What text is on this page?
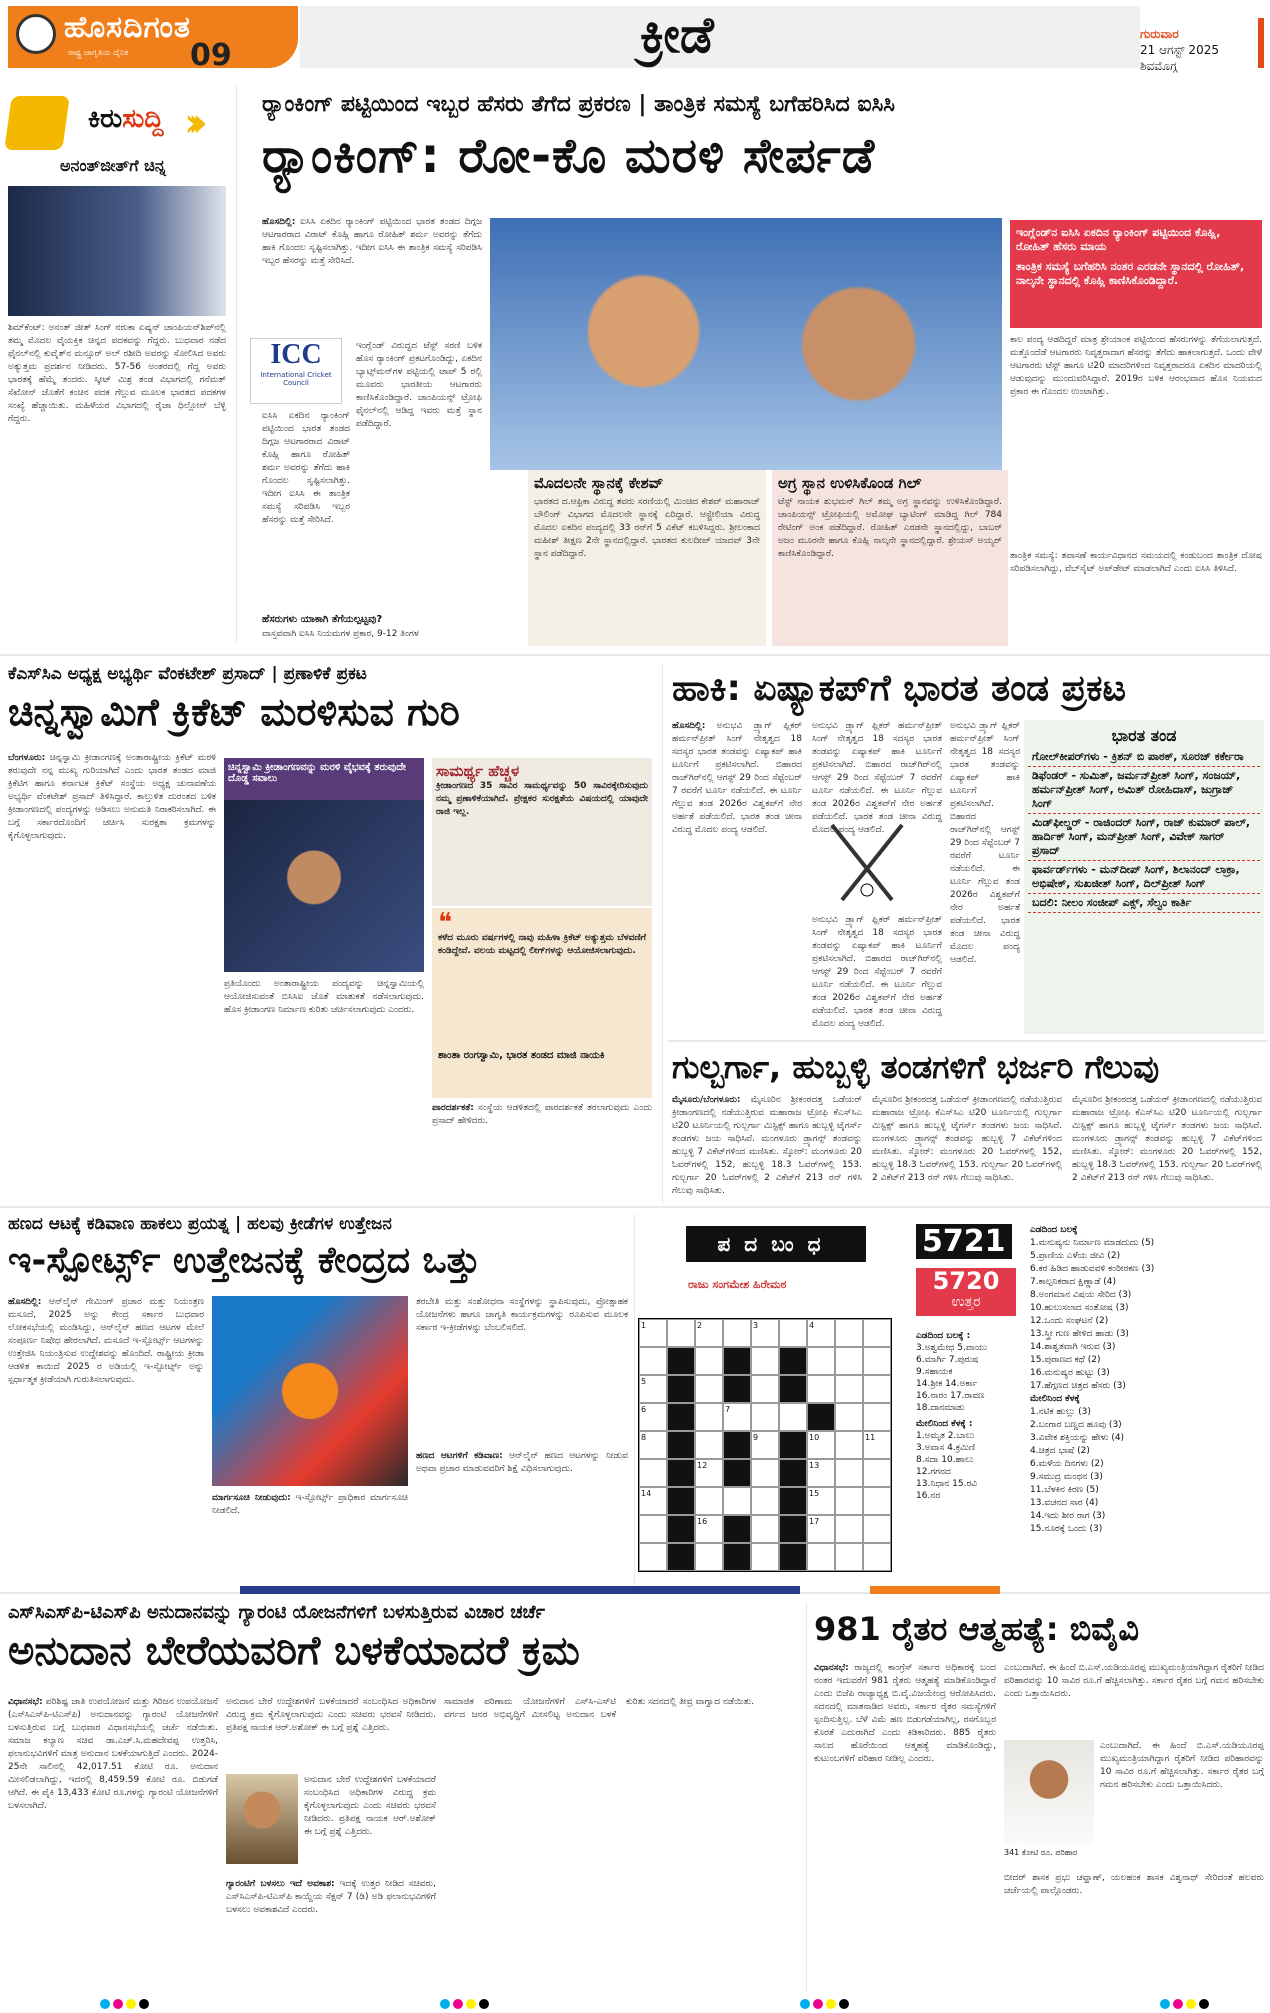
ಹೊಸದಿಗಂತ
ರಾಷ್ಟ್ರ ಜಾಗೃತಿಯ ದೈನಿಕ 09	ಕ್ರೀಡೆ	ಗುರುವಾರ
21 ಆಗಸ್ಟ್ 2025
ಶಿವಮೊಗ್ಗ
ಕಿರುಸುದ್ದಿ ›››
ಅನಂತ್‌ಜೀತ್‌ಗೆ ಚಿನ್ನ
ಶಿಮ್‌ಕೆಂಟ್: ಅನಂತ್ ಜೀತ್ ಸಿಂಗ್ ನರುಕಾ ಏಷ್ಯನ್ ಚಾಂಪಿಯನ್‌ಶಿಪ್‌ನಲ್ಲಿ ತಮ್ಮ ಮೊದಲ ವೈಯಕ್ತಿಕ ಚಿನ್ನದ ಪದಕವನ್ನು ಗೆದ್ದರು. ಬುಧವಾರ ನಡೆದ ಫೈನಲ್‌ನಲ್ಲಿ ಕುವೈತ್‌ನ ಮನ್ಸೂರ್ ಅಲ್ ರಶೀದಿ ಅವರನ್ನು ಸೋಲಿಸಿದ ಅವರು ಅತ್ಯುತ್ತಮ ಪ್ರದರ್ಶನ ನೀಡಿದರು. 57-56 ಅಂತರದಲ್ಲಿ ಗೆದ್ದ ಅವರು ಭಾರತಕ್ಕೆ ಹೆಮ್ಮೆ ತಂದರು. ಸ್ಕೀಟ್ ಮಿಶ್ರ ತಂಡ ವಿಭಾಗದಲ್ಲಿ ಗನೆಮತ್ ಸೆಖೋನ್ ಜೊತೆಗೆ ಕಂಚಿನ ಪದಕ ಗೆಲ್ಲುವ ಮೂಲಕ ಭಾರತದ ಪದಕಗಳ ಸಂಖ್ಯೆ ಹೆಚ್ಚಾಯಿತು. ಮಹಿಳೆಯರ ವಿಭಾಗದಲ್ಲಿ ರೈಜಾ ಧಿಲ್ಲೋನ್ ಬೆಳ್ಳಿ ಗೆದ್ದರು.
ರ‍್ಯಾಂಕಿಂಗ್ ಪಟ್ಟಿಯಿಂದ ಇಬ್ಬರ ಹೆಸರು ತೆಗೆದ ಪ್ರಕರಣ | ತಾಂತ್ರಿಕ ಸಮಸ್ಯೆ ಬಗೆಹರಿಸಿದ ಐಸಿಸಿ
ರ‍್ಯಾಂಕಿಂಗ್: ರೋ-ಕೊ ಮರಳಿ ಸೇರ್ಪಡೆ
ಹೊಸದಿಲ್ಲಿ: ಐಸಿಸಿ ಏಕದಿನ ರ‍್ಯಾಂಕಿಂಗ್ ಪಟ್ಟಿಯಿಂದ ಭಾರತ ತಂಡದ ದಿಗ್ಗಜ ಆಟಗಾರರಾದ ವಿರಾಟ್ ಕೊಹ್ಲಿ ಹಾಗೂ ರೋಹಿತ್ ಶರ್ಮ ಅವರನ್ನು ತೆಗೆದು ಹಾಕಿ ಗೊಂದಲ ಸೃಷ್ಟಿಸಲಾಗಿತ್ತು. ಇದೀಗ ಐಸಿಸಿ ಈ ತಾಂತ್ರಿಕ ಸಮಸ್ಯೆ ಸರಿಪಡಿಸಿ ಇಬ್ಬರ ಹೆಸರನ್ನು ಮತ್ತೆ ಸೇರಿಸಿದೆ.
ICC
International Cricket Council
ಇಂಗ್ಲೆಂಡ್ ವಿರುದ್ಧದ ಟೆಸ್ಟ್ ಸರಣಿ ಬಳಿಕ ಹೊಸ ರ‍್ಯಾಂಕಿಂಗ್ ಪ್ರಕಟಗೊಂಡಿದ್ದು, ಏಕದಿನ ಬ್ಯಾಟ್ಸ್‌ಮನ್‌ಗಳ ಪಟ್ಟಿಯಲ್ಲಿ ಟಾಪ್ 5 ರಲ್ಲಿ ಮೂವರು ಭಾರತೀಯ ಆಟಗಾರರು ಕಾಣಿಸಿಕೊಂಡಿದ್ದಾರೆ. ಚಾಂಪಿಯನ್ಸ್ ಟ್ರೋಫಿ ಫೈನಲ್‌ನಲ್ಲಿ ಆಡಿದ್ದ ಇವರು ಮತ್ತೆ ಸ್ಥಾನ ಪಡೆದಿದ್ದಾರೆ.
ಐಸಿಸಿ ಏಕದಿನ ರ‍್ಯಾಂಕಿಂಗ್ ಪಟ್ಟಿಯಿಂದ ಭಾರತ ತಂಡದ ದಿಗ್ಗಜ ಆಟಗಾರರಾದ ವಿರಾಟ್ ಕೊಹ್ಲಿ ಹಾಗೂ ರೋಹಿತ್ ಶರ್ಮ ಅವರನ್ನು ತೆಗೆದು ಹಾಕಿ ಗೊಂದಲ ಸೃಷ್ಟಿಸಲಾಗಿತ್ತು. ಇದೀಗ ಐಸಿಸಿ ಈ ತಾಂತ್ರಿಕ ಸಮಸ್ಯೆ ಸರಿಪಡಿಸಿ ಇಬ್ಬರ ಹೆಸರನ್ನು ಮತ್ತೆ ಸೇರಿಸಿದೆ.
ಹೆಸರುಗಳು ಯಾಕಾಗಿ ತೆಗೆಯಲ್ಪಟ್ಟವು?
ವಾಸ್ತವವಾಗಿ ಐಸಿಸಿ ನಿಯಮಗಳ ಪ್ರಕಾರ, 9-12 ತಿಂಗಳ
ಮೊದಲನೇ ಸ್ಥಾನಕ್ಕೆ ಕೇಶವ್
ಭಾರತದ ದ.ಆಫ್ರಿಕಾ ವಿರುದ್ಧ ತವರು ಸರಣಿಯಲ್ಲಿ ಮಿಂಚಿದ ಕೇಶವ್ ಮಹಾರಾಜ್ ಬೌಲಿಂಗ್ ವಿಭಾಗದ ಮೊದಲನೇ ಸ್ಥಾನಕ್ಕೆ ಏರಿದ್ದಾರೆ. ಆಸ್ಟ್ರೇಲಿಯಾ ವಿರುದ್ಧ ಮೊದಲ ಏಕದಿನ ಪಂದ್ಯದಲ್ಲಿ 33 ರನ್‌ಗೆ 5 ವಿಕೆಟ್ ಕಬಳಿಸಿದ್ದರು. ಶ್ರೀಲಂಕಾದ ಮಹೀಶ್ ತೀಕ್ಷಣ 2ನೇ ಸ್ಥಾನದಲ್ಲಿದ್ದಾರೆ. ಭಾರತದ ಕುಲದೀಪ್ ಯಾದವ್ 3ನೇ ಸ್ಥಾನ ಪಡೆದಿದ್ದಾರೆ.
ಅಗ್ರ ಸ್ಥಾನ ಉಳಿಸಿಕೊಂಡ ಗಿಲ್
ಟೆಸ್ಟ್ ನಾಯಕ ಶುಭಮನ್ ಗಿಲ್ ತಮ್ಮ ಅಗ್ರ ಸ್ಥಾನವನ್ನು ಉಳಿಸಿಕೊಂಡಿದ್ದಾರೆ. ಚಾಂಪಿಯನ್ಸ್ ಟ್ರೋಫಿಯಲ್ಲಿ ಅಮೋಘ ಬ್ಯಾಟಿಂಗ್ ಮಾಡಿದ್ದ ಗಿಲ್ 784 ರೇಟಿಂಗ್ ಅಂಕ ಪಡೆದಿದ್ದಾರೆ. ರೋಹಿತ್ ಎರಡನೇ ಸ್ಥಾನದಲ್ಲಿದ್ದು, ಬಾಬರ್ ಅಜಂ ಮೂರನೇ ಹಾಗೂ ಕೊಹ್ಲಿ ನಾಲ್ಕನೇ ಸ್ಥಾನದಲ್ಲಿದ್ದಾರೆ. ಶ್ರೇಯಸ್ ಅಯ್ಯರ್ ಕಾಣಿಸಿಕೊಂಡಿದ್ದಾರೆ.
ಇಂಗ್ಲೆಂಡ್‌ನ ಐಸಿಸಿ ಏಕದಿನ ರ‍್ಯಾಂಕಿಂಗ್ ಪಟ್ಟಿಯಿಂದ ಕೊಹ್ಲಿ, ರೋಹಿತ್ ಹೆಸರು ಮಾಯ
ತಾಂತ್ರಿಕ ಸಮಸ್ಯೆ ಬಗೆಹರಿಸಿ ನಂತರ ಎರಡನೇ ಸ್ಥಾನದಲ್ಲಿ ರೋಹಿತ್, ನಾಲ್ಕನೇ ಸ್ಥಾನದಲ್ಲಿ ಕೊಹ್ಲಿ ಕಾಣಿಸಿಕೊಂಡಿದ್ದಾರೆ.
ಕಾಲ ಪಂದ್ಯ ಆಡದಿದ್ದರೆ ಮಾತ್ರ ಶ್ರೇಯಾಂಕ ಪಟ್ಟಿಯಿಂದ ಹೆಸರುಗಳನ್ನು ತೆಗೆಯಲಾಗುತ್ತದೆ. ಮತ್ತೊಂದೆಡೆ ಆಟಗಾರರು ನಿವೃತ್ತರಾದಾಗ ಹೆಸರನ್ನು ತೆಗೆದು ಹಾಕಲಾಗುತ್ತದೆ. ಒಂದು ವೇಳೆ ಆಟಗಾರರು ಟೆಸ್ಟ್ ಹಾಗೂ ಟಿ20 ಮಾದರಿಗಳಿಂದ ನಿವೃತ್ತರಾದರೂ ಏಕದಿನ ಮಾದರಿಯಲ್ಲಿ ಆಡುವುದನ್ನು ಮುಂದುವರಿಸಿದ್ದಾರೆ. 2019ರ ಬಳಿಕ ಆರಂಭವಾದ ಹೊಸ ನಿಯಮದ ಪ್ರಕಾರ ಈ ಗೊಂದಲ ಉಂಟಾಗಿತ್ತು.
ತಾಂತ್ರಿಕ ಸಮಸ್ಯೆ: ತಪಾಸಣೆ ಕಾರ್ಯವಿಧಾನದ ಸಮಯದಲ್ಲಿ ಕಂಡುಬಂದ ತಾಂತ್ರಿಕ ದೋಷ ಸರಿಪಡಿಸಲಾಗಿದ್ದು, ವೆಬ್‌ಸೈಟ್ ಅಪ್‌ಡೇಟ್ ಮಾಡಲಾಗಿದೆ ಎಂದು ಐಸಿಸಿ ತಿಳಿಸಿದೆ.
ಕೆಎಸ್‌ಸಿಎ ಅಧ್ಯಕ್ಷ ಅಭ್ಯರ್ಥಿ ವೆಂಕಟೇಶ್ ಪ್ರಸಾದ್ | ಪ್ರಣಾಳಿಕೆ ಪ್ರಕಟ
ಚಿನ್ನಸ್ವಾಮಿಗೆ ಕ್ರಿಕೆಟ್ ಮರಳಿಸುವ ಗುರಿ
ಬೆಂಗಳೂರು: ಚಿನ್ನಸ್ವಾಮಿ ಕ್ರೀಡಾಂಗಣಕ್ಕೆ ಅಂತಾರಾಷ್ಟ್ರೀಯ ಕ್ರಿಕೆಟ್ ಮರಳಿ ತರುವುದೇ ನನ್ನ ಮುಖ್ಯ ಗುರಿಯಾಗಿದೆ ಎಂದು ಭಾರತ ತಂಡದ ಮಾಜಿ ಕ್ರಿಕೆಟಿಗ ಹಾಗೂ ಕರ್ನಾಟಕ ಕ್ರಿಕೆಟ್ ಸಂಸ್ಥೆಯ ಅಧ್ಯಕ್ಷ ಚುನಾವಣೆಯ ಅಭ್ಯರ್ಥಿ ವೆಂಕಟೇಶ್ ಪ್ರಸಾದ್ ತಿಳಿಸಿದ್ದಾರೆ. ಕಾಲ್ತುಳಿತ ದುರಂತದ ಬಳಿಕ ಕ್ರೀಡಾಂಗಣದಲ್ಲಿ ಪಂದ್ಯಗಳನ್ನು ಆಡಿಸಲು ಅನುಮತಿ ನಿರಾಕರಿಸಲಾಗಿದೆ. ಈ ಬಗ್ಗೆ ಸರ್ಕಾರದೊಂದಿಗೆ ಚರ್ಚಿಸಿ ಸುರಕ್ಷತಾ ಕ್ರಮಗಳನ್ನು ಕೈಗೊಳ್ಳಲಾಗುವುದು.
ಚಿನ್ನಸ್ವಾಮಿ ಕ್ರೀಡಾಂಗಣವನ್ನು ಮರಳಿ ವೈಭವಕ್ಕೆ ತರುವುದೇ ದೊಡ್ಡ ಸವಾಲು	ಸಾಮರ್ಥ್ಯ ಹೆಚ್ಚಳ
ಕ್ರೀಡಾಂಗಣದ 35 ಸಾವಿರ ಸಾಮರ್ಥ್ಯವನ್ನು 50 ಸಾವಿರಕ್ಕೇರಿಸುವುದು ನಮ್ಮ ಪ್ರಣಾಳಿಕೆಯಾಗಿದೆ. ಪ್ರೇಕ್ಷಕರ ಸುರಕ್ಷತೆಯ ವಿಷಯದಲ್ಲಿ ಯಾವುದೇ ರಾಜಿ ಇಲ್ಲ.
❝
ಕಳೆದ ಮೂರು ವರ್ಷಗಳಲ್ಲಿ ನಾವು ಮಹಿಳಾ ಕ್ರಿಕೆಟ್ ಅತ್ಯುತ್ತಮ ಬೆಳವಣಿಗೆ ಕಂಡಿದ್ದೇವೆ. ವಲಯ ಮಟ್ಟದಲ್ಲಿ ಲೀಗ್‌ಗಳನ್ನು ಆಯೋಜಿಸಲಾಗುವುದು.
ಶಾಂತಾ ರಂಗಸ್ವಾಮಿ, ಭಾರತ ತಂಡದ ಮಾಜಿ ನಾಯಕಿ
ಪ್ರತಿಯೊಂದು ಅಂತಾರಾಷ್ಟ್ರೀಯ ಪಂದ್ಯವನ್ನು ಚಿನ್ನಸ್ವಾಮಿಯಲ್ಲಿ ಆಯೋಜಿಸುವಂತೆ ಬಿಸಿಸಿಐ ಜೊತೆ ಮಾತುಕತೆ ನಡೆಸಲಾಗುವುದು. ಹೊಸ ಕ್ರೀಡಾಂಗಣ ನಿರ್ಮಾಣ ಕುರಿತು ಚರ್ಚಿಸಲಾಗುವುದು ಎಂದರು.
ಪಾರದರ್ಶಕತೆ: ಸಂಸ್ಥೆಯ ಆಡಳಿತದಲ್ಲಿ ಪಾರದರ್ಶಕತೆ ತರಲಾಗುವುದು ಎಂದು ಪ್ರಸಾದ್ ಹೇಳಿದರು.
ಹಾಕಿ: ಏಷ್ಯಾಕಪ್‌ಗೆ ಭಾರತ ತಂಡ ಪ್ರಕಟ
ಹೊಸದಿಲ್ಲಿ: ಅನುಭವಿ ಡ್ರ್ಯಾಗ್ ಫ್ಲಿಕರ್ ಹರ್ಮನ್‌ಪ್ರೀತ್ ಸಿಂಗ್ ನೇತೃತ್ವದ 18 ಸದಸ್ಯರ ಭಾರತ ತಂಡವನ್ನು ಏಷ್ಯಾಕಪ್ ಹಾಕಿ ಟೂರ್ನಿಗೆ ಪ್ರಕಟಿಸಲಾಗಿದೆ. ಬಿಹಾರದ ರಾಜ್‌ಗಿರ್‌ನಲ್ಲಿ ಆಗಸ್ಟ್ 29 ರಿಂದ ಸೆಪ್ಟೆಂಬರ್ 7 ರವರೆಗೆ ಟೂರ್ನಿ ನಡೆಯಲಿದೆ. ಈ ಟೂರ್ನಿ ಗೆಲ್ಲುವ ತಂಡ 2026ರ ವಿಶ್ವಕಪ್‌ಗೆ ನೇರ ಅರ್ಹತೆ ಪಡೆಯಲಿದೆ. ಭಾರತ ತಂಡ ಚೀನಾ ವಿರುದ್ಧ ಮೊದಲ ಪಂದ್ಯ ಆಡಲಿದೆ.
ಅನುಭವಿ ಡ್ರ್ಯಾಗ್ ಫ್ಲಿಕರ್ ಹರ್ಮನ್‌ಪ್ರೀತ್ ಸಿಂಗ್ ನೇತೃತ್ವದ 18 ಸದಸ್ಯರ ಭಾರತ ತಂಡವನ್ನು ಏಷ್ಯಾಕಪ್ ಹಾಕಿ ಟೂರ್ನಿಗೆ ಪ್ರಕಟಿಸಲಾಗಿದೆ. ಬಿಹಾರದ ರಾಜ್‌ಗಿರ್‌ನಲ್ಲಿ ಆಗಸ್ಟ್ 29 ರಿಂದ ಸೆಪ್ಟೆಂಬರ್ 7 ರವರೆಗೆ ಟೂರ್ನಿ ನಡೆಯಲಿದೆ. ಈ ಟೂರ್ನಿ ಗೆಲ್ಲುವ ತಂಡ 2026ರ ವಿಶ್ವಕಪ್‌ಗೆ ನೇರ ಅರ್ಹತೆ ಪಡೆಯಲಿದೆ. ಭಾರತ ತಂಡ ಚೀನಾ ವಿರುದ್ಧ ಮೊದಲ ಪಂದ್ಯ ಆಡಲಿದೆ.
ಅನುಭವಿ ಡ್ರ್ಯಾಗ್ ಫ್ಲಿಕರ್ ಹರ್ಮನ್‌ಪ್ರೀತ್ ಸಿಂಗ್ ನೇತೃತ್ವದ 18 ಸದಸ್ಯರ ಭಾರತ ತಂಡವನ್ನು ಏಷ್ಯಾಕಪ್ ಹಾಕಿ ಟೂರ್ನಿಗೆ ಪ್ರಕಟಿಸಲಾಗಿದೆ. ಬಿಹಾರದ ರಾಜ್‌ಗಿರ್‌ನಲ್ಲಿ ಆಗಸ್ಟ್ 29 ರಿಂದ ಸೆಪ್ಟೆಂಬರ್ 7 ರವರೆಗೆ ಟೂರ್ನಿ ನಡೆಯಲಿದೆ. ಈ ಟೂರ್ನಿ ಗೆಲ್ಲುವ ತಂಡ 2026ರ ವಿಶ್ವಕಪ್‌ಗೆ ನೇರ ಅರ್ಹತೆ ಪಡೆಯಲಿದೆ. ಭಾರತ ತಂಡ ಚೀನಾ ವಿರುದ್ಧ ಮೊದಲ ಪಂದ್ಯ ಆಡಲಿದೆ.
ಅನುಭವಿ ಡ್ರ್ಯಾಗ್ ಫ್ಲಿಕರ್ ಹರ್ಮನ್‌ಪ್ರೀತ್ ಸಿಂಗ್ ನೇತೃತ್ವದ 18 ಸದಸ್ಯರ ಭಾರತ ತಂಡವನ್ನು ಏಷ್ಯಾಕಪ್ ಹಾಕಿ ಟೂರ್ನಿಗೆ ಪ್ರಕಟಿಸಲಾಗಿದೆ. ಬಿಹಾರದ ರಾಜ್‌ಗಿರ್‌ನಲ್ಲಿ ಆಗಸ್ಟ್ 29 ರಿಂದ ಸೆಪ್ಟೆಂಬರ್ 7 ರವರೆಗೆ ಟೂರ್ನಿ ನಡೆಯಲಿದೆ. ಈ ಟೂರ್ನಿ ಗೆಲ್ಲುವ ತಂಡ 2026ರ ವಿಶ್ವಕಪ್‌ಗೆ ನೇರ ಅರ್ಹತೆ ಪಡೆಯಲಿದೆ. ಭಾರತ ತಂಡ ಚೀನಾ ವಿರುದ್ಧ ಮೊದಲ ಪಂದ್ಯ ಆಡಲಿದೆ.
ಭಾರತ ತಂಡ
ಗೋಲ್‌ಕೀಪರ್‌ಗಳು - ಕ್ರಿಶನ್ ಬಿ ಪಾಠಕ್, ಸೂರಜ್ ಕರ್ಕೇರಾ
ಡಿಫೆಂಡರ್ - ಸುಮಿತ್, ಜರ್ಮನ್‌ಪ್ರೀತ್ ಸಿಂಗ್, ಸಂಜಯ್, ಹರ್ಮನ್‌ಪ್ರೀತ್ ಸಿಂಗ್, ಅಮಿತ್ ರೋಹಿದಾಸ್, ಜುಗ್ರಾಜ್ ಸಿಂಗ್
ಮಿಡ್‌ಫೀಲ್ಡರ್ - ರಾಜಿಂದರ್ ಸಿಂಗ್, ರಾಜ್ ಕುಮಾರ್ ಪಾಲ್, ಹಾರ್ದಿಕ್ ಸಿಂಗ್, ಮನ್‌ಪ್ರೀತ್ ಸಿಂಗ್, ವಿವೇಕ್ ಸಾಗರ್ ಪ್ರಸಾದ್
ಫಾರ್ವರ್ಡ್‌ಗಳು - ಮನ್‌ದೀಪ್ ಸಿಂಗ್, ಶಿಲಾನಂದ್ ಲಾಕ್ರಾ, ಅಭಿಷೇಕ್, ಸುಖಜೀತ್ ಸಿಂಗ್, ದಿಲ್‌ಪ್ರೀತ್ ಸಿಂಗ್
ಬದಲಿ: ನೀಲಂ ಸಂಜೀಪ್ ಎಕ್ಸ್, ಸೆಲ್ವಂ ಕಾರ್ತಿ
ಗುಲ್ಬರ್ಗಾ, ಹುಬ್ಬಳ್ಳಿ ತಂಡಗಳಿಗೆ ಭರ್ಜರಿ ಗೆಲುವು
ಮೈಸೂರು/ಬೆಂಗಳೂರು: ಮೈಸೂರಿನ ಶ್ರೀಕಂಠದತ್ತ ಒಡೆಯರ್ ಕ್ರೀಡಾಂಗಣದಲ್ಲಿ ನಡೆಯುತ್ತಿರುವ ಮಹಾರಾಜ ಟ್ರೋಫಿ ಕೆಎಸ್‌ಸಿಎ ಟಿ20 ಟೂರ್ನಿಯಲ್ಲಿ ಗುಲ್ಬರ್ಗಾ ಮಿಸ್ಟಿಕ್ಸ್ ಹಾಗೂ ಹುಬ್ಬಳ್ಳಿ ಟೈಗರ್ಸ್ ತಂಡಗಳು ಜಯ ಸಾಧಿಸಿವೆ. ಮಂಗಳೂರು ಡ್ರ್ಯಾಗನ್ಸ್ ತಂಡವನ್ನು ಹುಬ್ಬಳ್ಳಿ 7 ವಿಕೆಟ್‌ಗಳಿಂದ ಮಣಿಸಿತು. ಸ್ಕೋರ್: ಮಂಗಳೂರು 20 ಓವರ್‌ಗಳಲ್ಲಿ 152, ಹುಬ್ಬಳ್ಳಿ 18.3 ಓವರ್‌ಗಳಲ್ಲಿ 153. ಗುಲ್ಬರ್ಗಾ 20 ಓವರ್‌ಗಳಲ್ಲಿ 2 ವಿಕೆಟ್‌ಗೆ 213 ರನ್ ಗಳಿಸಿ ಗೆಲುವು ಸಾಧಿಸಿತು.
ಮೈಸೂರಿನ ಶ್ರೀಕಂಠದತ್ತ ಒಡೆಯರ್ ಕ್ರೀಡಾಂಗಣದಲ್ಲಿ ನಡೆಯುತ್ತಿರುವ ಮಹಾರಾಜ ಟ್ರೋಫಿ ಕೆಎಸ್‌ಸಿಎ ಟಿ20 ಟೂರ್ನಿಯಲ್ಲಿ ಗುಲ್ಬರ್ಗಾ ಮಿಸ್ಟಿಕ್ಸ್ ಹಾಗೂ ಹುಬ್ಬಳ್ಳಿ ಟೈಗರ್ಸ್ ತಂಡಗಳು ಜಯ ಸಾಧಿಸಿವೆ. ಮಂಗಳೂರು ಡ್ರ್ಯಾಗನ್ಸ್ ತಂಡವನ್ನು ಹುಬ್ಬಳ್ಳಿ 7 ವಿಕೆಟ್‌ಗಳಿಂದ ಮಣಿಸಿತು. ಸ್ಕೋರ್: ಮಂಗಳೂರು 20 ಓವರ್‌ಗಳಲ್ಲಿ 152, ಹುಬ್ಬಳ್ಳಿ 18.3 ಓವರ್‌ಗಳಲ್ಲಿ 153. ಗುಲ್ಬರ್ಗಾ 20 ಓವರ್‌ಗಳಲ್ಲಿ 2 ವಿಕೆಟ್‌ಗೆ 213 ರನ್ ಗಳಿಸಿ ಗೆಲುವು ಸಾಧಿಸಿತು.
ಮೈಸೂರಿನ ಶ್ರೀಕಂಠದತ್ತ ಒಡೆಯರ್ ಕ್ರೀಡಾಂಗಣದಲ್ಲಿ ನಡೆಯುತ್ತಿರುವ ಮಹಾರಾಜ ಟ್ರೋಫಿ ಕೆಎಸ್‌ಸಿಎ ಟಿ20 ಟೂರ್ನಿಯಲ್ಲಿ ಗುಲ್ಬರ್ಗಾ ಮಿಸ್ಟಿಕ್ಸ್ ಹಾಗೂ ಹುಬ್ಬಳ್ಳಿ ಟೈಗರ್ಸ್ ತಂಡಗಳು ಜಯ ಸಾಧಿಸಿವೆ. ಮಂಗಳೂರು ಡ್ರ್ಯಾಗನ್ಸ್ ತಂಡವನ್ನು ಹುಬ್ಬಳ್ಳಿ 7 ವಿಕೆಟ್‌ಗಳಿಂದ ಮಣಿಸಿತು. ಸ್ಕೋರ್: ಮಂಗಳೂರು 20 ಓವರ್‌ಗಳಲ್ಲಿ 152, ಹುಬ್ಬಳ್ಳಿ 18.3 ಓವರ್‌ಗಳಲ್ಲಿ 153. ಗುಲ್ಬರ್ಗಾ 20 ಓವರ್‌ಗಳಲ್ಲಿ 2 ವಿಕೆಟ್‌ಗೆ 213 ರನ್ ಗಳಿಸಿ ಗೆಲುವು ಸಾಧಿಸಿತು.
ಹಣದ ಆಟಕ್ಕೆ ಕಡಿವಾಣ ಹಾಕಲು ಪ್ರಯತ್ನ | ಹಲವು ಕ್ರೀಡೆಗಳ ಉತ್ತೇಜನ
ಇ-ಸ್ಪೋರ್ಟ್ಸ್ ಉತ್ತೇಜನಕ್ಕೆ ಕೇಂದ್ರದ ಒತ್ತು
ಹೊಸದಿಲ್ಲಿ: ಆನ್‌ಲೈನ್ ಗೇಮಿಂಗ್ ಪ್ರಚಾರ ಮತ್ತು ನಿಯಂತ್ರಣ ಮಸೂದೆ, 2025 ಅನ್ನು ಕೇಂದ್ರ ಸರ್ಕಾರ ಬುಧವಾರ ಲೋಕಸಭೆಯಲ್ಲಿ ಮಂಡಿಸಿದ್ದು, ಆನ್‌ಲೈನ್ ಹಣದ ಆಟಗಳ ಮೇಲೆ ಸಂಪೂರ್ಣ ನಿಷೇಧ ಹೇರಲಾಗಿದೆ. ಮಸೂದೆ ಇ-ಸ್ಪೋರ್ಟ್ಸ್ ಆಟಗಳನ್ನು ಉತ್ತೇಜಿಸಿ ನಿಯಂತ್ರಿಸುವ ಉದ್ದೇಶವನ್ನು ಹೊಂದಿದೆ. ರಾಷ್ಟ್ರೀಯ ಕ್ರೀಡಾ ಆಡಳಿತ ಕಾಯಿದೆ 2025 ರ ಅಡಿಯಲ್ಲಿ ಇ-ಸ್ಪೋರ್ಟ್ಸ್ ಅನ್ನು ಸ್ಪರ್ಧಾತ್ಮಕ ಕ್ರೀಡೆಯಾಗಿ ಗುರುತಿಸಲಾಗುವುದು.
ಮಾರ್ಗಸೂಚಿ ನೀಡುವುದು: ಇ-ಸ್ಪೋರ್ಟ್ಸ್ ಪ್ರಾಧಿಕಾರ ಮಾರ್ಗಸೂಚಿ ನೀಡಲಿದೆ.
ತರಬೇತಿ ಮತ್ತು ಸಂಶೋಧನಾ ಸಂಸ್ಥೆಗಳನ್ನು ಸ್ಥಾಪಿಸುವುದು, ಪ್ರೋತ್ಸಾಹಕ ಯೋಜನೆಗಳು ಹಾಗೂ ಜಾಗೃತಿ ಕಾರ್ಯಕ್ರಮಗಳನ್ನು ರೂಪಿಸುವ ಮೂಲಕ ಸರ್ಕಾರ ಇ-ಕ್ರೀಡೆಗಳನ್ನು ಬೆಂಬಲಿಸಲಿದೆ.
ಹಣದ ಆಟಗಳಿಗೆ ಕಡಿವಾಣ: ಆನ್‌ಲೈನ್ ಹಣದ ಆಟಗಳನ್ನು ನೀಡುವ ಅಥವಾ ಪ್ರಚಾರ ಮಾಡುವವರಿಗೆ ಶಿಕ್ಷೆ ವಿಧಿಸಲಾಗುವುದು.
ಪದಬಂಧ
ರಾಜು ಸಂಗಮೇಶ ಹಿರೇಮಠ
5721
5720
ಉತ್ತರ
1	2	3	4
5
6	7
8	9	10	11
12	13
14	15
16	17
ಎಡದಿಂದ ಬಲಕ್ಕೆ :
3.ಅಶ್ವಮೇಧ 5.ವಾಯು
6.ಮಾರ್ಗಿ 7.ಪುರುಷ
9.ಸಹಾಯಕ
14.ಶ್ರೀಕ 14.ಅರ್ಕಾ
16.ನಾರಂ 17.ರಾವಣ
18.ದಾನಮಾಡು
ಮೇಲಿನಿಂದ ಕೆಳಕ್ಕೆ :
1.ಅಮೃತ 2.ಬಾಲು
3.ಅವಾಸ 4.ಕ್ರಮಿಣಿ
8.ಸದಾ 10.ಹಾಲು
12.ಗಗನದ
13.ನಿಧಾನ 15.ರವಿ
16.ನರ
ಎಡದಿಂದ ಬಲಕ್ಕೆ
1.ಮನುಷ್ಯನು ನಿರ್ಮಾಣ ಮಾಡದುದು (5)
5.ಪ್ರಾಣಿಯ ಎಳೆಯ ಜೀವಿ (2)
6.ಕರ ಹಿಡಿದ ಹಾಡುವವಳಿ ಕಂಠೀರಕಣ (3)
7.ಕಾಲ್ಪನಿಕರಾದ ಕ್ಷಿಣ್ಣಾಡೆ (4)
8.ಅಂಗಮಾನ ವಿಷಯ ಸೇರಿದ (3)
10.ಹುಲುಸಲಾದ ಸಂತೋಷ (3)
12.ಒಂದು ಸಂಘಟನೆ (2)
13.ಸ್ತ್ರೀ ಗುಣ ಹೇಳಿದ ಹಾಡು (3)
14.ಶಾಶ್ವತವಾಗಿ ಇರುವ (3)
15.ಪುರಾಣದ ಕಥೆ (2)
16.ಮನುಷ್ಯರ ಹುಟ್ಟು (3)
17.ಹೆಗ್ಗಣದ ಚಿತ್ರದ ಹೆಸರು (3)
ಮೇಲಿನಿಂದ ಕೆಳಕ್ಕೆ
1.ನಟಿಕ ಹುಲ್ಲು (3)
2.ಬಂಗಾರ ಬಣ್ಣದ ಹೂವು (3)
3.ವಿವೇಕ ಶಕ್ತಿಯನ್ನು ಹೇಳು (4)
4.ಚಿತ್ರದ ಭಾಷೆ (2)
6.ಮಳೆಯ ದಿನಗಳು (2)
9.ಸಮುದ್ರ ಮಂಥನ (3)
11.ಬೆಳಕಿನ ಕಿರಣ (5)
13.ವಚನದ ಸಾರ (4)
14.ಇದು ಶೀರ ರಾಗ (3)
15.ನೂರಕ್ಕೆ ಒಂದು (3)
ಎಸ್‌ಸಿಎಸ್‌ಪಿ-ಟಿಎಸ್‌ಪಿ ಅನುದಾನವನ್ನು ಗ್ಯಾರಂಟಿ ಯೋಜನೆಗಳಿಗೆ ಬಳಸುತ್ತಿರುವ ವಿಚಾರ ಚರ್ಚೆ
ಅನುದಾನ ಬೇರೆಯವರಿಗೆ ಬಳಕೆಯಾದರೆ ಕ್ರಮ
ವಿಧಾನಸಭೆ: ಪರಿಶಿಷ್ಟ ಜಾತಿ ಉಪಯೋಜನೆ ಮತ್ತು ಗಿರಿಜನ ಉಪಯೋಜನೆ (ಎಸ್‌ಸಿಎಸ್‌ಪಿ-ಟಿಎಸ್‌ಪಿ) ಅನುದಾನವನ್ನು ಗ್ಯಾರಂಟಿ ಯೋಜನೆಗಳಿಗೆ ಬಳಸುತ್ತಿರುವ ಬಗ್ಗೆ ಬುಧವಾರ ವಿಧಾನಸಭೆಯಲ್ಲಿ ಚರ್ಚೆ ನಡೆಯಿತು. ಸಮಾಜ ಕಲ್ಯಾಣ ಸಚಿವ ಡಾ.ಎಚ್.ಸಿ.ಮಹದೇವಪ್ಪ ಉತ್ತರಿಸಿ, ಫಲಾನುಭವಿಗಳಿಗೆ ಮಾತ್ರ ಅನುದಾನ ಬಳಕೆಯಾಗುತ್ತಿದೆ ಎಂದರು. 2024-25ನೇ ಸಾಲಿನಲ್ಲಿ 42,017.51 ಕೋಟಿ ರೂ. ಅನುದಾನ ಮೀಸಲಿಡಲಾಗಿದ್ದು, ಇದರಲ್ಲಿ 8,459.59 ಕೋಟಿ ರೂ. ಬಿಡುಗಡೆ ಆಗಿದೆ. ಈ ಪೈಕಿ 13,433 ಕೋಟಿ ರೂ.ಗಳನ್ನು ಗ್ಯಾರಂಟಿ ಯೋಜನೆಗಳಿಗೆ ಬಳಸಲಾಗಿದೆ.
ಅನುದಾನ ಬೇರೆ ಉದ್ದೇಶಗಳಿಗೆ ಬಳಕೆಯಾದರೆ ಸಂಬಂಧಿಸಿದ ಅಧಿಕಾರಿಗಳ ವಿರುದ್ಧ ಕ್ರಮ ಕೈಗೊಳ್ಳಲಾಗುವುದು ಎಂದು ಸಚಿವರು ಭರವಸೆ ನೀಡಿದರು. ಪ್ರತಿಪಕ್ಷ ನಾಯಕ ಆರ್.ಅಶೋಕ್ ಈ ಬಗ್ಗೆ ಪ್ರಶ್ನೆ ಎತ್ತಿದರು.
ಅನುದಾನ ಬೇರೆ ಉದ್ದೇಶಗಳಿಗೆ ಬಳಕೆಯಾದರೆ ಸಂಬಂಧಿಸಿದ ಅಧಿಕಾರಿಗಳ ವಿರುದ್ಧ ಕ್ರಮ ಕೈಗೊಳ್ಳಲಾಗುವುದು ಎಂದು ಸಚಿವರು ಭರವಸೆ ನೀಡಿದರು. ಪ್ರತಿಪಕ್ಷ ನಾಯಕ ಆರ್.ಅಶೋಕ್ ಈ ಬಗ್ಗೆ ಪ್ರಶ್ನೆ ಎತ್ತಿದರು.
ಗ್ಯಾರಂಟಿಗೆ ಬಳಸಲು ಇದೆ ಅವಕಾಶ: ಇದಕ್ಕೆ ಉತ್ತರ ನೀಡಿದ ಸಚಿವರು, ಎಸ್‌ಸಿಎಸ್‌ಪಿ-ಟಿಎಸ್‌ಪಿ ಕಾಯ್ದೆಯ ಸೆಕ್ಷನ್ 7 (ಡಿ) ಅಡಿ ಫಲಾನುಭವಿಗಳಿಗೆ ಬಳಸಲು ಅವಕಾಶವಿದೆ ಎಂದರು.
ಸಾಮಾಜಿಕ ಪರಿಣಾಮ ಯೋಜನೆಗಳಿಗೆ ಎಸ್‌ಸಿ-ಎಸ್‌ಟಿ ವರ್ಗದ ಜನರ ಅಭಿವೃದ್ಧಿಗೆ ಮೀಸಲಿಟ್ಟ ಅನುದಾನ ಬಳಕೆ ಕುರಿತು ಸದನದಲ್ಲಿ ತೀವ್ರ ವಾಗ್ವಾದ ನಡೆಯಿತು.
981 ರೈತರ ಆತ್ಮಹತ್ಯೆ: ಬಿವೈವಿ
ವಿಧಾನಸಭೆ: ರಾಜ್ಯದಲ್ಲಿ ಕಾಂಗ್ರೆಸ್ ಸರ್ಕಾರ ಅಧಿಕಾರಕ್ಕೆ ಬಂದ ನಂತರ ಇದುವರೆಗೆ 981 ರೈತರು ಆತ್ಮಹತ್ಯೆ ಮಾಡಿಕೊಂಡಿದ್ದಾರೆ ಎಂದು ಬಿಜೆಪಿ ರಾಜ್ಯಾಧ್ಯಕ್ಷ ಬಿ.ವೈ.ವಿಜಯೇಂದ್ರ ಆರೋಪಿಸಿದರು. ಸದನದಲ್ಲಿ ಮಾತನಾಡಿದ ಅವರು, ಸರ್ಕಾರ ರೈತರ ಸಮಸ್ಯೆಗಳಿಗೆ ಸ್ಪಂದಿಸುತ್ತಿಲ್ಲ. ಬೆಳೆ ವಿಮೆ ಹಣ ಬಿಡುಗಡೆಯಾಗಿಲ್ಲ, ರಸಗೊಬ್ಬರ ಕೊರತೆ ಎದುರಾಗಿದೆ ಎಂದು ಕಿಡಿಕಾರಿದರು. 885 ರೈತರು ಸಾಲದ ಹೊರೆಯಿಂದ ಆತ್ಮಹತ್ಯೆ ಮಾಡಿಕೊಂಡಿದ್ದು, ಕುಟುಂಬಗಳಿಗೆ ಪರಿಹಾರ ನೀಡಿಲ್ಲ ಎಂದರು.
341 ಕೋಟಿ ರೂ. ಪರಿಹಾರ
ಎಂಬುದಾಗಿದೆ. ಈ ಹಿಂದೆ ಬಿ.ಎಸ್.ಯಡಿಯೂರಪ್ಪ ಮುಖ್ಯಮಂತ್ರಿಯಾಗಿದ್ದಾಗ ರೈತರಿಗೆ ನೀಡಿದ ಪರಿಹಾರವನ್ನು 10 ಸಾವಿರ ರೂ.ಗೆ ಹೆಚ್ಚಿಸಲಾಗಿತ್ತು. ಸರ್ಕಾರ ರೈತರ ಬಗ್ಗೆ ಗಮನ ಹರಿಸಬೇಕು ಎಂದು ಒತ್ತಾಯಿಸಿದರು.
ಎಂಬುದಾಗಿದೆ. ಈ ಹಿಂದೆ ಬಿ.ಎಸ್.ಯಡಿಯೂರಪ್ಪ ಮುಖ್ಯಮಂತ್ರಿಯಾಗಿದ್ದಾಗ ರೈತರಿಗೆ ನೀಡಿದ ಪರಿಹಾರವನ್ನು 10 ಸಾವಿರ ರೂ.ಗೆ ಹೆಚ್ಚಿಸಲಾಗಿತ್ತು. ಸರ್ಕಾರ ರೈತರ ಬಗ್ಗೆ ಗಮನ ಹರಿಸಬೇಕು ಎಂದು ಒತ್ತಾಯಿಸಿದರು.
ಬೀದರ್ ಶಾಸಕ ಪ್ರಭು ಚವ್ಹಾಣ್, ಯಲಹಂಕ ಶಾಸಕ ವಿಶ್ವನಾಥ್ ಸೇರಿದಂತೆ ಹಲವರು ಚರ್ಚೆಯಲ್ಲಿ ಪಾಲ್ಗೊಂಡರು.
